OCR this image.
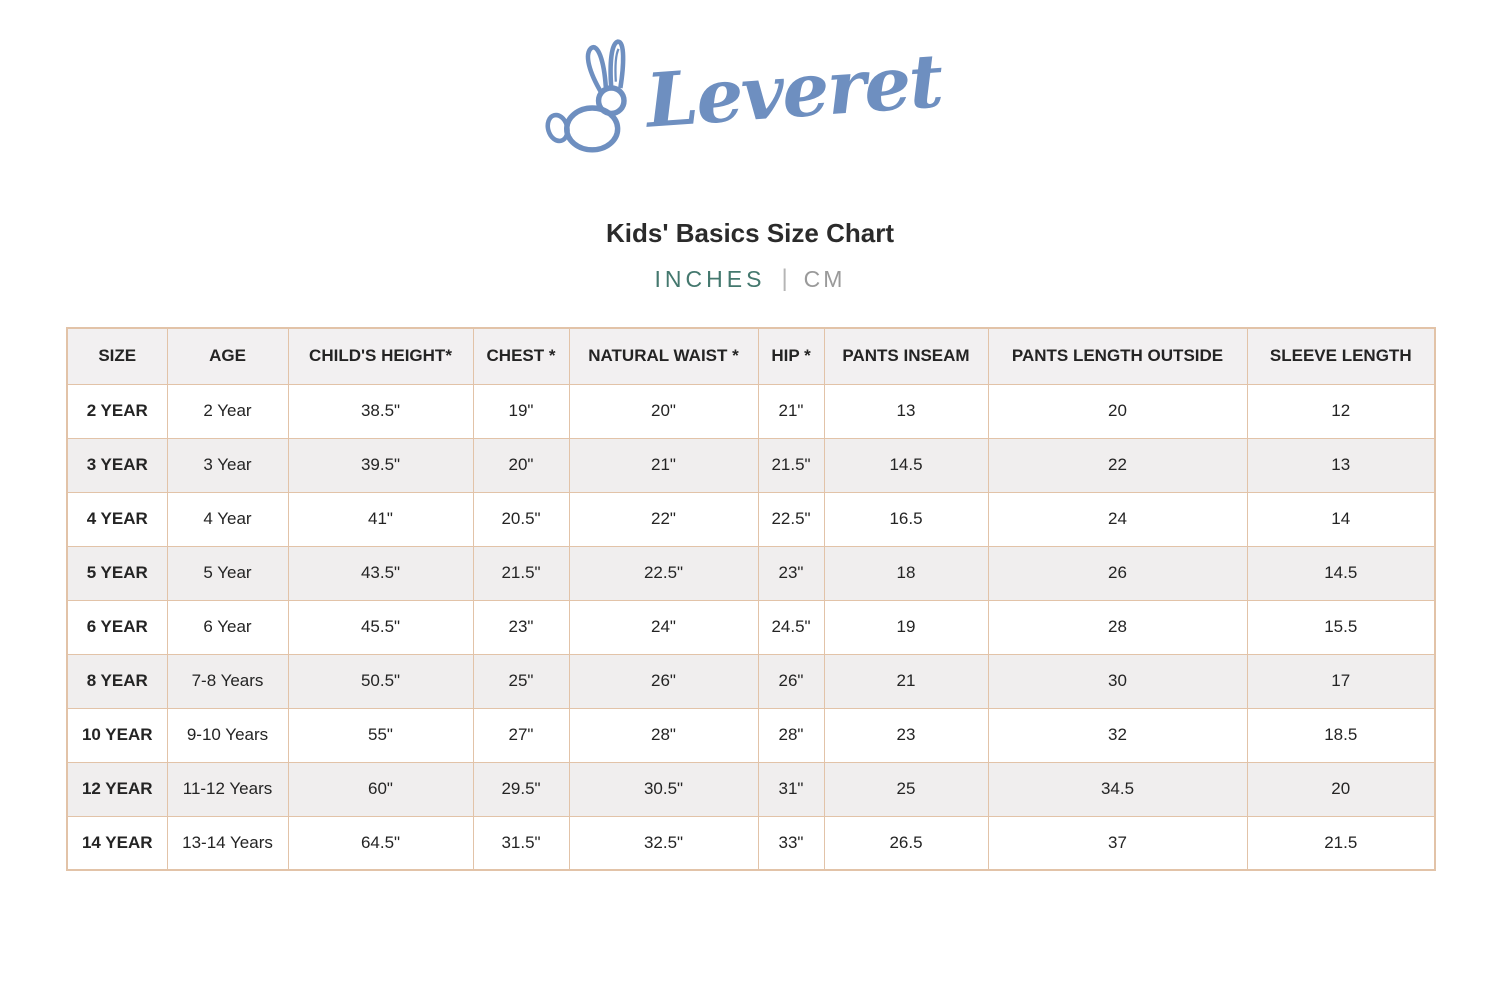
Leveret
Kids' Basics Size Chart
INCHES | CM
SIZE	AGE	CHILD'S HEIGHT*	CHEST *	NATURAL WAIST *	HIP *	PANTS INSEAM	PANTS LENGTH OUTSIDE	SLEEVE LENGTH
2 YEAR	2 Year	38.5"	19"	20"	21"	13	20	12
3 YEAR	3 Year	39.5"	20"	21"	21.5"	14.5	22	13
4 YEAR	4 Year	41"	20.5"	22"	22.5"	16.5	24	14
5 YEAR	5 Year	43.5"	21.5"	22.5"	23"	18	26	14.5
6 YEAR	6 Year	45.5"	23"	24"	24.5"	19	28	15.5
8 YEAR	7-8 Years	50.5"	25"	26"	26"	21	30	17
10 YEAR	9-10 Years	55"	27"	28"	28"	23	32	18.5
12 YEAR	11-12 Years	60"	29.5"	30.5"	31"	25	34.5	20
14 YEAR	13-14 Years	64.5"	31.5"	32.5"	33"	26.5	37	21.5
